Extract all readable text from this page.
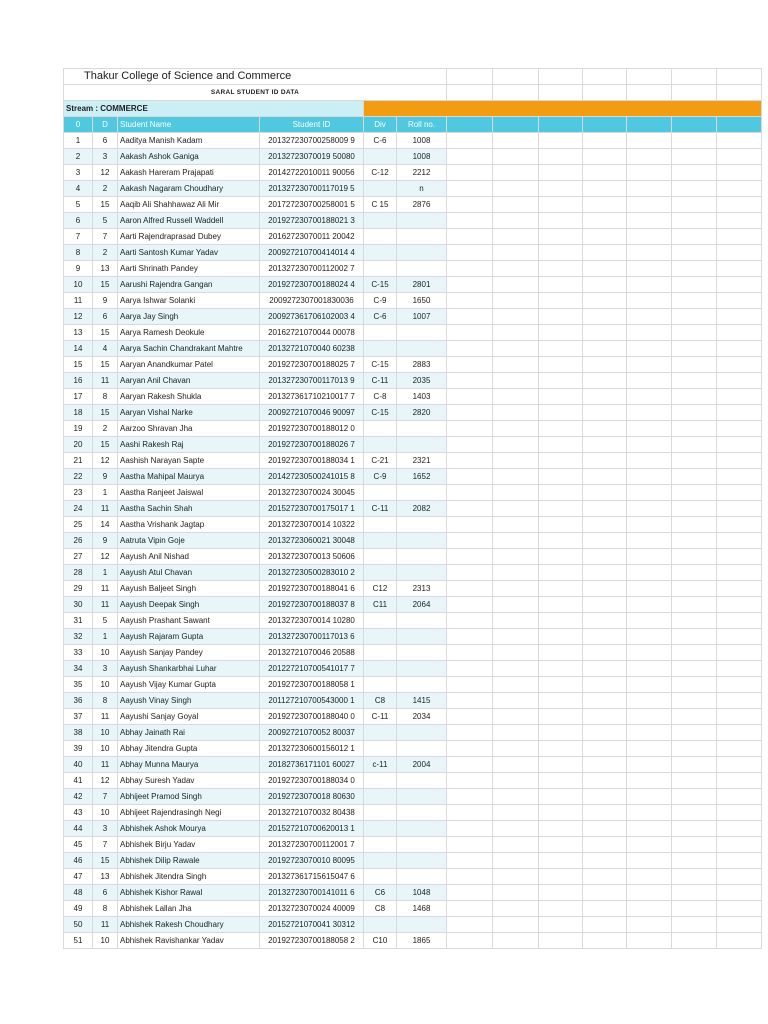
Thakur College of Science and Commerce												
SARAL STUDENT ID DATA												
Stream : COMMERCE												
0	D	Student Name	Student ID	Div	Roll no.							
1	6	Aaditya Manish Kadam	201327230700258009 9	C-6	1008							
2	3	Aakash Ashok Ganiga	20132723070019 50080		1008							
3	12	Aakash Hareram Prajapati	20142722010011 90056	C-12	2212							
4	2	Aakash Nagaram Choudhary	201327230700117019 5		n							
5	15	Aaqib Ali Shahhawaz Ali Mir	201727230700258001 5	C 15	2876							
6	5	Aaron Alfred Russell Waddell	201927230700188021 3									
7	7	Aarti Rajendraprasad Dubey	20162723070011 20042									
8	2	Aarti Santosh Kumar Yadav	200927210700414014 4									
9	13	Aarti Shrinath Pandey	201327230700112002 7									
10	15	Aarushi Rajendra Gangan	201927230700188024 4	C-15	2801							
11	9	Aarya Ishwar Solanki	2009272307001830036	C-9	1650							
12	6	Aarya Jay Singh	200927361706102003 4	C-6	1007							
13	15	Aarya Ramesh Deokule	20162721070044 00078									
14	4	Aarya Sachin Chandrakant Mahtre	20132721070040 60238									
15	15	Aaryan Anandkumar Patel	201927230700188025 7	C-15	2883							
16	11	Aaryan Anil Chavan	201327230700117013 9	C-11	2035							
17	8	Aaryan Rakesh Shukla	201327361710210017 7	C-8	1403							
18	15	Aaryan Vishal Narke	20092721070046 90097	C-15	2820							
19	2	Aarzoo Shravan Jha	201927230700188012 0									
20	15	Aashi Rakesh Raj	201927230700188026 7									
21	12	Aashish Narayan Sapte	201927230700188034 1	C-21	2321							
22	9	Aastha Mahipal Maurya	201427230500241015 8	C-9	1652							
23	1	Aastha Ranjeet Jaiswal	20132723070024 30045									
24	11	Aastha Sachin Shah	201527230700175017 1	C-11	2082							
25	14	Aastha Vrishank Jagtap	20132723070014 10322									
26	9	Aatruta Vipin Goje	20132723060021 30048									
27	12	Aayush Anil Nishad	20132723070013 50606									
28	1	Aayush Atul Chavan	201327230500283010 2									
29	11	Aayush Baljeet Singh	201927230700188041 6	C12	2313							
30	11	Aayush Deepak Singh	201927230700188037 8	C11	2064							
31	5	Aayush Prashant Sawant	20132723070014 10280									
32	1	Aayush Rajaram Gupta	201327230700117013 6									
33	10	Aayush Sanjay Pandey	20132721070046 20588									
34	3	Aayush Shankarbhai Luhar	201227210700541017 7									
35	10	Aayush Vijay Kumar Gupta	201927230700188058 1									
36	8	Aayush Vinay Singh	201127210700543000 1	C8	1415							
37	11	Aayushi Sanjay Goyal	201927230700188040 0	C-11	2034							
38	10	Abhay Jainath Rai	20092721070052 80037									
39	10	Abhay Jitendra Gupta	201327230600156012 1									
40	11	Abhay Munna Maurya	20182736171101 60027	c-11	2004							
41	12	Abhay Suresh Yadav	201927230700188034 0									
42	7	Abhijeet Pramod Singh	20192723070018 80630									
43	10	Abhijeet Rajendrasingh Negi	20132721070032 80438									
44	3	Abhishek Ashok Mourya	201527210700620013 1									
45	7	Abhishek Birju Yadav	201327230700112001 7									
46	15	Abhishek Dilip Rawale	20192723070010 80095									
47	13	Abhishek Jitendra Singh	201327361715615047 6									
48	6	Abhishek Kishor Rawal	201327230700141011 6	C6	1048							
49	8	Abhishek Lallan Jha	20132723070024 40009	C8	1468							
50	11	Abhishek Rakesh Choudhary	20152721070041 30312									
51	10	Abhishek Ravishankar Yadav	201927230700188058 2	C10	1865							
